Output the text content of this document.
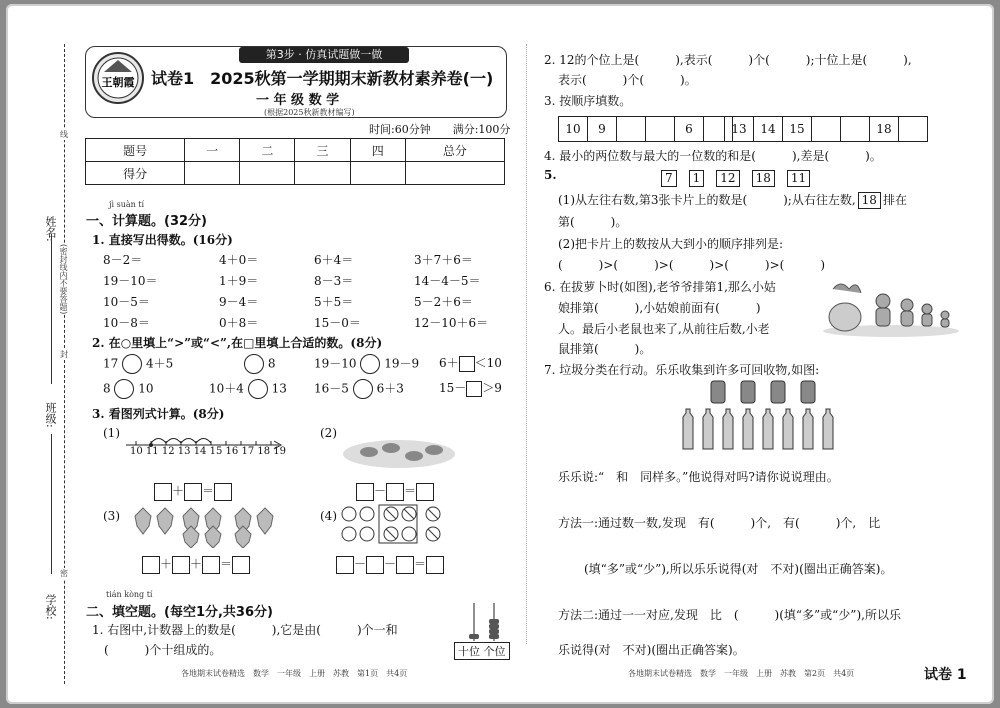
姓名:
班级:
学校:
(密封线内不要答题)
线
封
密
第3步 · 仿真试题做一做
王朝霞 试卷1　2025秋第一学期期末新教材素养卷(一)
一 年 级 数 学
(根据2025秋新教材编写)
时间:60分钟　　满分:100分
题号	一	二	三	四	总分
得分					
jì suàn tí
一、计算题。(32分)
1. 直接写出得数。(16分)
8－2＝	4＋0＝	6＋4＝	3＋7＋6＝
19－10＝	1＋9＝	8－3＝	14－4－5＝
10－5＝	9－4＝	5＋5＝	5－2＋6＝
10－8＝	0＋8＝	15－0＝	12－10＋6＝
2. 在○里填上“>”或“<”,在□里填上合适的数。(8分)
17 4＋5	8	19－10 19－9 6＋ ＜10
8 10	10＋4 13 16－5 6＋3	15－ ＞9
3. 看图列式计算。(8分)
(1)	(2)
10 11 12 13 14 15 16 17 18 19
＋ ＝	－ ＝
(3)	(4)
＋ ＋ ＝	－ － ＝
tián kòng tí
二、填空题。(每空1分,共36分)
1. 右图中,计数器上的数是(　　　),它是由(　　　)个一和
(　　　)个十组成的。	十位 个位
各地期末试卷精选　数学　一年级　上册　苏教　第1页　共4页
2. 12的个位上是(　　　),表示(　　　)个(　　　);十位上是(　　　),
表示(　　　)个(　　　)。
3. 按顺序填数。
10	9			6		13	14	15			18	
4. 最小的两位数与最大的一位数的和是(　　　),差是(　　　)。
5.	7 1 12 18 11
(1)从左往右数,第3张卡片上的数是(　　　);从右往左数, 18 排在
第(　　　)。
(2)把卡片上的数按从大到小的顺序排列是:
(　　　)>(　　　)>(　　　)>(　　　)>(　　　)
6. 在拔萝卜时(如图),老爷爷排第1,那么小姑
娘排第(　　　),小姑娘前面有(　　　)
人。最后小老鼠也来了,从前往后数,小老
鼠排第(　　　)。
7. 垃圾分类在行动。乐乐收集到许多可回收物,如图:
乐乐说:“　和　同样多。”他说得对吗?请你说说理由。
方法一:通过数一数,发现　有(　　　)个,　有(　　　)个,　比
(填“多”或“少”),所以乐乐说得(对　不对)(圈出正确答案)。
方法二:通过一一对应,发现　比　(　　　)(填“多”或“少”),所以乐
乐说得(对　不对)(圈出正确答案)。
各地期末试卷精选　数学　一年级　上册　苏教　第2页　共4页	试卷 1
